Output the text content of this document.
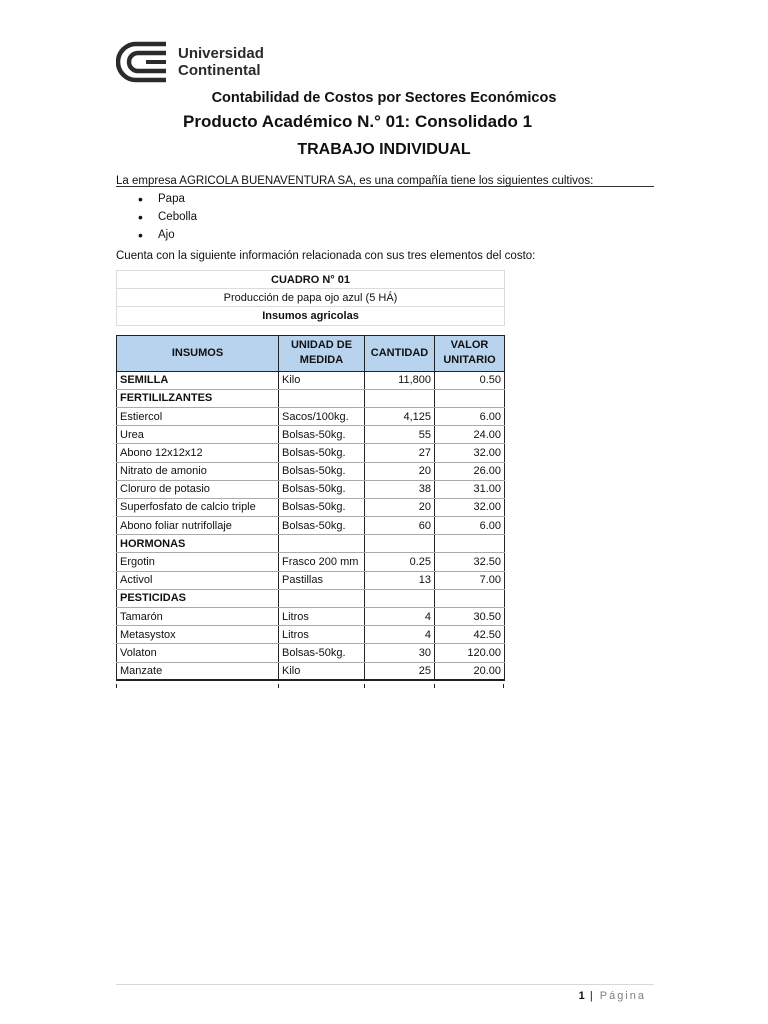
Universidad
Continental
Contabilidad de Costos por Sectores Económicos
Producto Académico N.° 01: Consolidado 1
TRABAJO INDIVIDUAL
La empresa AGRICOLA BUENAVENTURA SA, es una compañía tiene los siguientes cultivos:
• Papa
• Cebolla
• Ajo
Cuenta con la siguiente información relacionada con sus tres elementos del costo:
CUADRO N° 01			
Producción de papa ojo azul (5 HÁ)			
Insumos agricolas			

INSUMOS	UNIDAD DE MEDIDA	CANTIDAD	VALOR UNITARIO
SEMILLA	Kilo	11,800	0.50
FERTILILZANTES			
Estiercol	Sacos/100kg.	4,125	6.00
Urea	Bolsas-50kg.	55	24.00
Abono 12x12x12	Bolsas-50kg.	27	32.00
Nitrato de amonio	Bolsas-50kg.	20	26.00
Cloruro de potasio	Bolsas-50kg.	38	31.00
Superfosfato de calcio triple	Bolsas-50kg.	20	32.00
Abono foliar nutrifollaje	Bolsas-50kg.	60	6.00
HORMONAS			
Ergotin	Frasco 200 mm	0.25	32.50
Activol	Pastillas	13	7.00
PESTICIDAS			
Tamarón	Litros	4	30.50
Metasystox	Litros	4	42.50
Volaton	Bolsas-50kg.	30	120.00
Manzate	Kilo	25	20.00
1 | Página
